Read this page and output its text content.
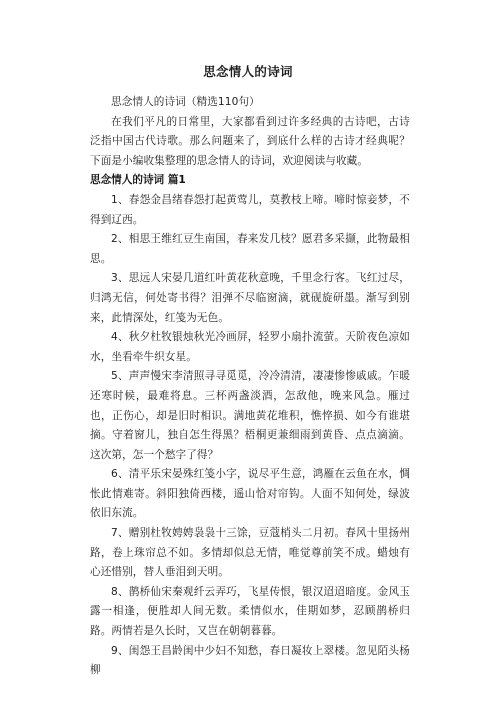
思念情人的诗词

思念情人的诗词（精选110句）

在我们平凡的日常里，大家都看到过许多经典的古诗吧，古诗泛指中国古代诗歌。那么问题来了，到底什么样的古诗才经典呢？下面是小编收集整理的思念情人的诗词，欢迎阅读与收藏。

思念情人的诗词 篇1

1、春怨金昌绪春怨打起黄莺儿，莫教枝上啼。啼时惊妾梦，不得到辽西。

2、相思王维红豆生南国，春来发几枝？愿君多采撷，此物最相思。

3、思远人宋晏几道红叶黄花秋意晚，千里念行客。飞红过尽，归鸿无信，何处寄书得？泪弹不尽临窗滴，就砚旋研墨。渐写到别来，此情深处，红笺为无色。

4、秋夕杜牧银烛秋光冷画屏，轻罗小扇扑流萤。天阶夜色凉如水，坐看牵牛织女星。

5、声声慢宋李清照寻寻觅觅，冷冷清清，凄凄惨惨戚戚。乍暖还寒时候，最难将息。三杯两盏淡酒，怎敌他，晚来风急。雁过也，正伤心，却是旧时相识。满地黄花堆积，憔悴损、如今有谁堪摘。守着窗儿，独自怎生得黑？梧桐更兼细雨到黄昏、点点滴滴。这次第，怎一个愁字了得？

6、清平乐宋晏殊红笺小字，说尽平生意，鸿雁在云鱼在水，惆怅此情难寄。斜阳独倚西楼，遥山恰对帘钩。人面不知何处，绿波依旧东流。

7、赠别杜牧娉娉袅袅十三馀，豆蔻梢头二月初。春风十里扬州路，卷上珠帘总不如。多情却似总无情，唯觉尊前笑不成。蜡烛有心还惜别，替人垂泪到天明。

8、鹊桥仙宋秦观纤云弄巧，飞星传恨，银汉迢迢暗度。金风玉露一相逢，便胜却人间无数。柔情似水，佳期如梦，忍顾鹊桥归路。两情若是久长时，又岂在朝朝暮暮。

9、闺怨王昌龄闺中少妇不知愁，春日凝妆上翠楼。忽见陌头杨柳
